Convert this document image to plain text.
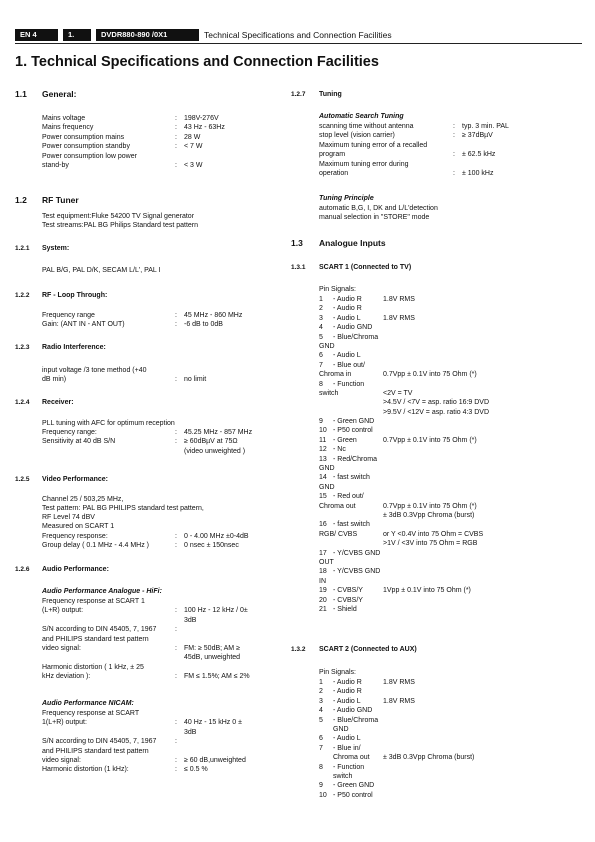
EN 4	1.	DVDR880-890 /0X1	Technical Specifications and Connection Facilities
1. Technical Specifications and Connection Facilities
1.1 General:
Mains voltage	: 198V-276V
Mains frequency	: 43 Hz - 63Hz
Power consumption mains	: 28 W
Power consumption standby	: < 7 W
Power consumption low power
stand-by	: < 3 W
1.2 RF Tuner
Test equipment:Fluke 54200 TV Signal generator
Test streams:PAL BG Philips Standard test pattern
1.2.1 System:
PAL B/G, PAL D/K, SECAM L/L', PAL I
1.2.2 RF - Loop Through:
Frequency range	: 45 MHz - 860 MHz
Gain: (ANT IN - ANT OUT)	: -6 dB to 0dB
1.2.3 Radio Interference:
input voltage /3 tone method (+40
dB min)	: no limit
1.2.4 Receiver:
PLL tuning with AFC for optimum reception
Frequency range:	: 45.25 MHz - 857 MHz
Sensitivity at 40 dB S/N	: ≥ 60dBµV at 75Ω
(video unweighted )
1.2.5 Video Performance:
Channel 25 / 503,25 MHz,
Test pattern: PAL BG PHILIPS standard test pattern,
RF Level 74 dBV
Measured on SCART 1
Frequency response:	: 0 - 4.00 MHz ±0-4dB
Group delay ( 0.1 MHz - 4.4 MHz )	: 0 nsec ± 150nsec
1.2.6 Audio Performance:
Audio Performance Analogue - HiFi:
Frequency response at SCART 1
(L+R) output:	: 100 Hz - 12 kHz / 0±
3dB
S/N according to DIN 45405, 7, 1967	:
and PHILIPS standard test pattern
video signal:	: FM: ≥ 50dB; AM ≥
45dB, unweighted
Harmonic distortion ( 1 kHz, ± 25
kHz deviation ):	: FM ≤ 1.5%; AM ≤ 2%
Audio Performance NICAM:
Frequency response at SCART
1(L+R) output:	: 40 Hz - 15 kHz 0 ±
3dB
S/N according to DIN 45405, 7, 1967	:
and PHILIPS standard test pattern
video signal:	: ≥ 60 dB,unweighted
Harmonic distortion (1 kHz):	: ≤ 0.5 %
1.2.7 Tuning
Automatic Search Tuning
scanning time without antenna	: typ. 3 min. PAL
stop level (vision carrier)	: ≥ 37dBµV
Maximum tuning error of a recalled
program	: ± 62.5 kHz
Maximum tuning error during
operation	: ± 100 kHz
Tuning Principle
automatic B,G, I, DK and L/L'detection
manual selection in "STORE" mode
1.3 Analogue Inputs
1.3.1 SCART 1 (Connected to TV)
Pin Signals:
1 - Audio R	1.8V RMS
2 - Audio R
3 - Audio L	1.8V RMS
4 - Audio GND
5 - Blue/Chroma
GND
6 - Audio L
7 - Blue out/
Chroma in	0.7Vpp ± 0.1V into 75 Ohm (*)
8 - Function
switch	<2V = TV
>4.5V / <7V = asp. ratio 16:9 DVD
>9.5V / <12V = asp. ratio 4:3 DVD
9 - Green GND
10 - P50 control
11 - Green	0.7Vpp ± 0.1V into 75 Ohm (*)
12 - Nc
13 - Red/Chroma
GND
14 - fast switch
GND
15 - Red out/
Chroma out	0.7Vpp ± 0.1V into 75 Ohm (*)
± 3dB 0.3Vpp Chroma (burst)
16 - fast switch
RGB/ CVBS	or Y <0.4V into 75 Ohm = CVBS
>1V / <3V into 75 Ohm = RGB
17 - Y/CVBS GND
OUT
18 - Y/CVBS GND
IN
19 - CVBS/Y	1Vpp ± 0.1V into 75 Ohm (*)
20 - CVBS/Y
21 - Shield
1.3.2 SCART 2 (Connected to AUX)
Pin Signals:
1 - Audio R	1.8V RMS
2 - Audio R
3 - Audio L	1.8V RMS
4 - Audio GND
5 - Blue/Chroma
GND
6 - Audio L
7 - Blue in/
Chroma out ± 3dB 0.3Vpp Chroma (burst)
8 - Function
switch
9 - Green GND
10 - P50 control
